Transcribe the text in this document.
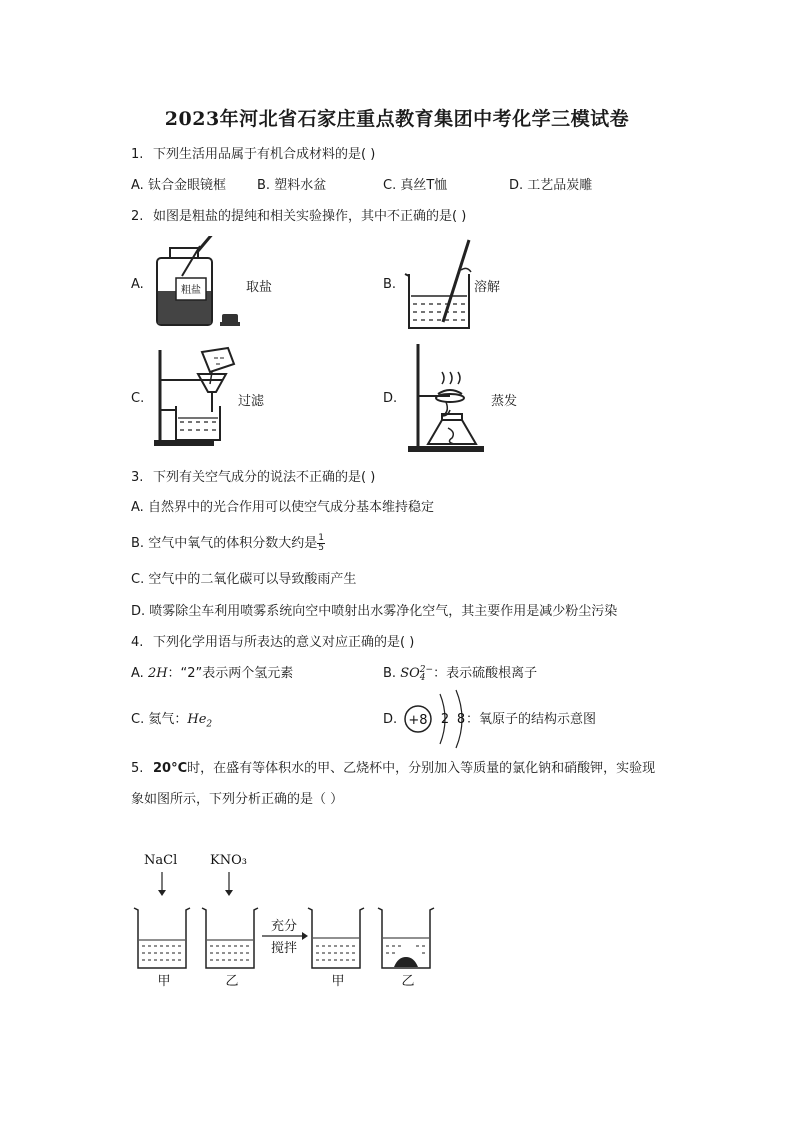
2023年河北省石家庄重点教育集团中考化学三模试卷
1. 下列生活用品属于有机合成材料的是( )
A. 钛合金眼镜框 B. 塑料水盆	C. 真丝T恤	D. 工艺品炭雕
2. 如图是粗盐的提纯和相关实验操作，其中不正确的是( )
A.	粗盐	取盐	B.	溶解
C.	过滤	D.	蒸发
3. 下列有关空气成分的说法不正确的是( )
A. 自然界中的光合作用可以使空气成分基本维持稳定
B. 空气中氧气的体积分数大约是 $\frac{1}{5}$
C. 空气中的二氧化碳可以导致酸雨产生
D. 喷雾除尘车利用喷雾系统向空中喷射出水雾净化空气，其主要作用是减少粉尘污染
4. 下列化学用语与所表达的意义对应正确的是( )
A. 2H：“2”表示两个氢元素	B. SO 2−
4 ：表示硫酸根离子
C. 氦气：$He_2$	D. +8 2 8 ：氧原子的结构示意图
5. 20°C时，在盛有等体积水的甲、乙烧杯中，分别加入等质量的氯化钠和硝酸钾，实验现
象如图所示，下列分析正确的是（ ）
NaCl	KNO₃
充分
搅拌
甲	乙	甲	乙
